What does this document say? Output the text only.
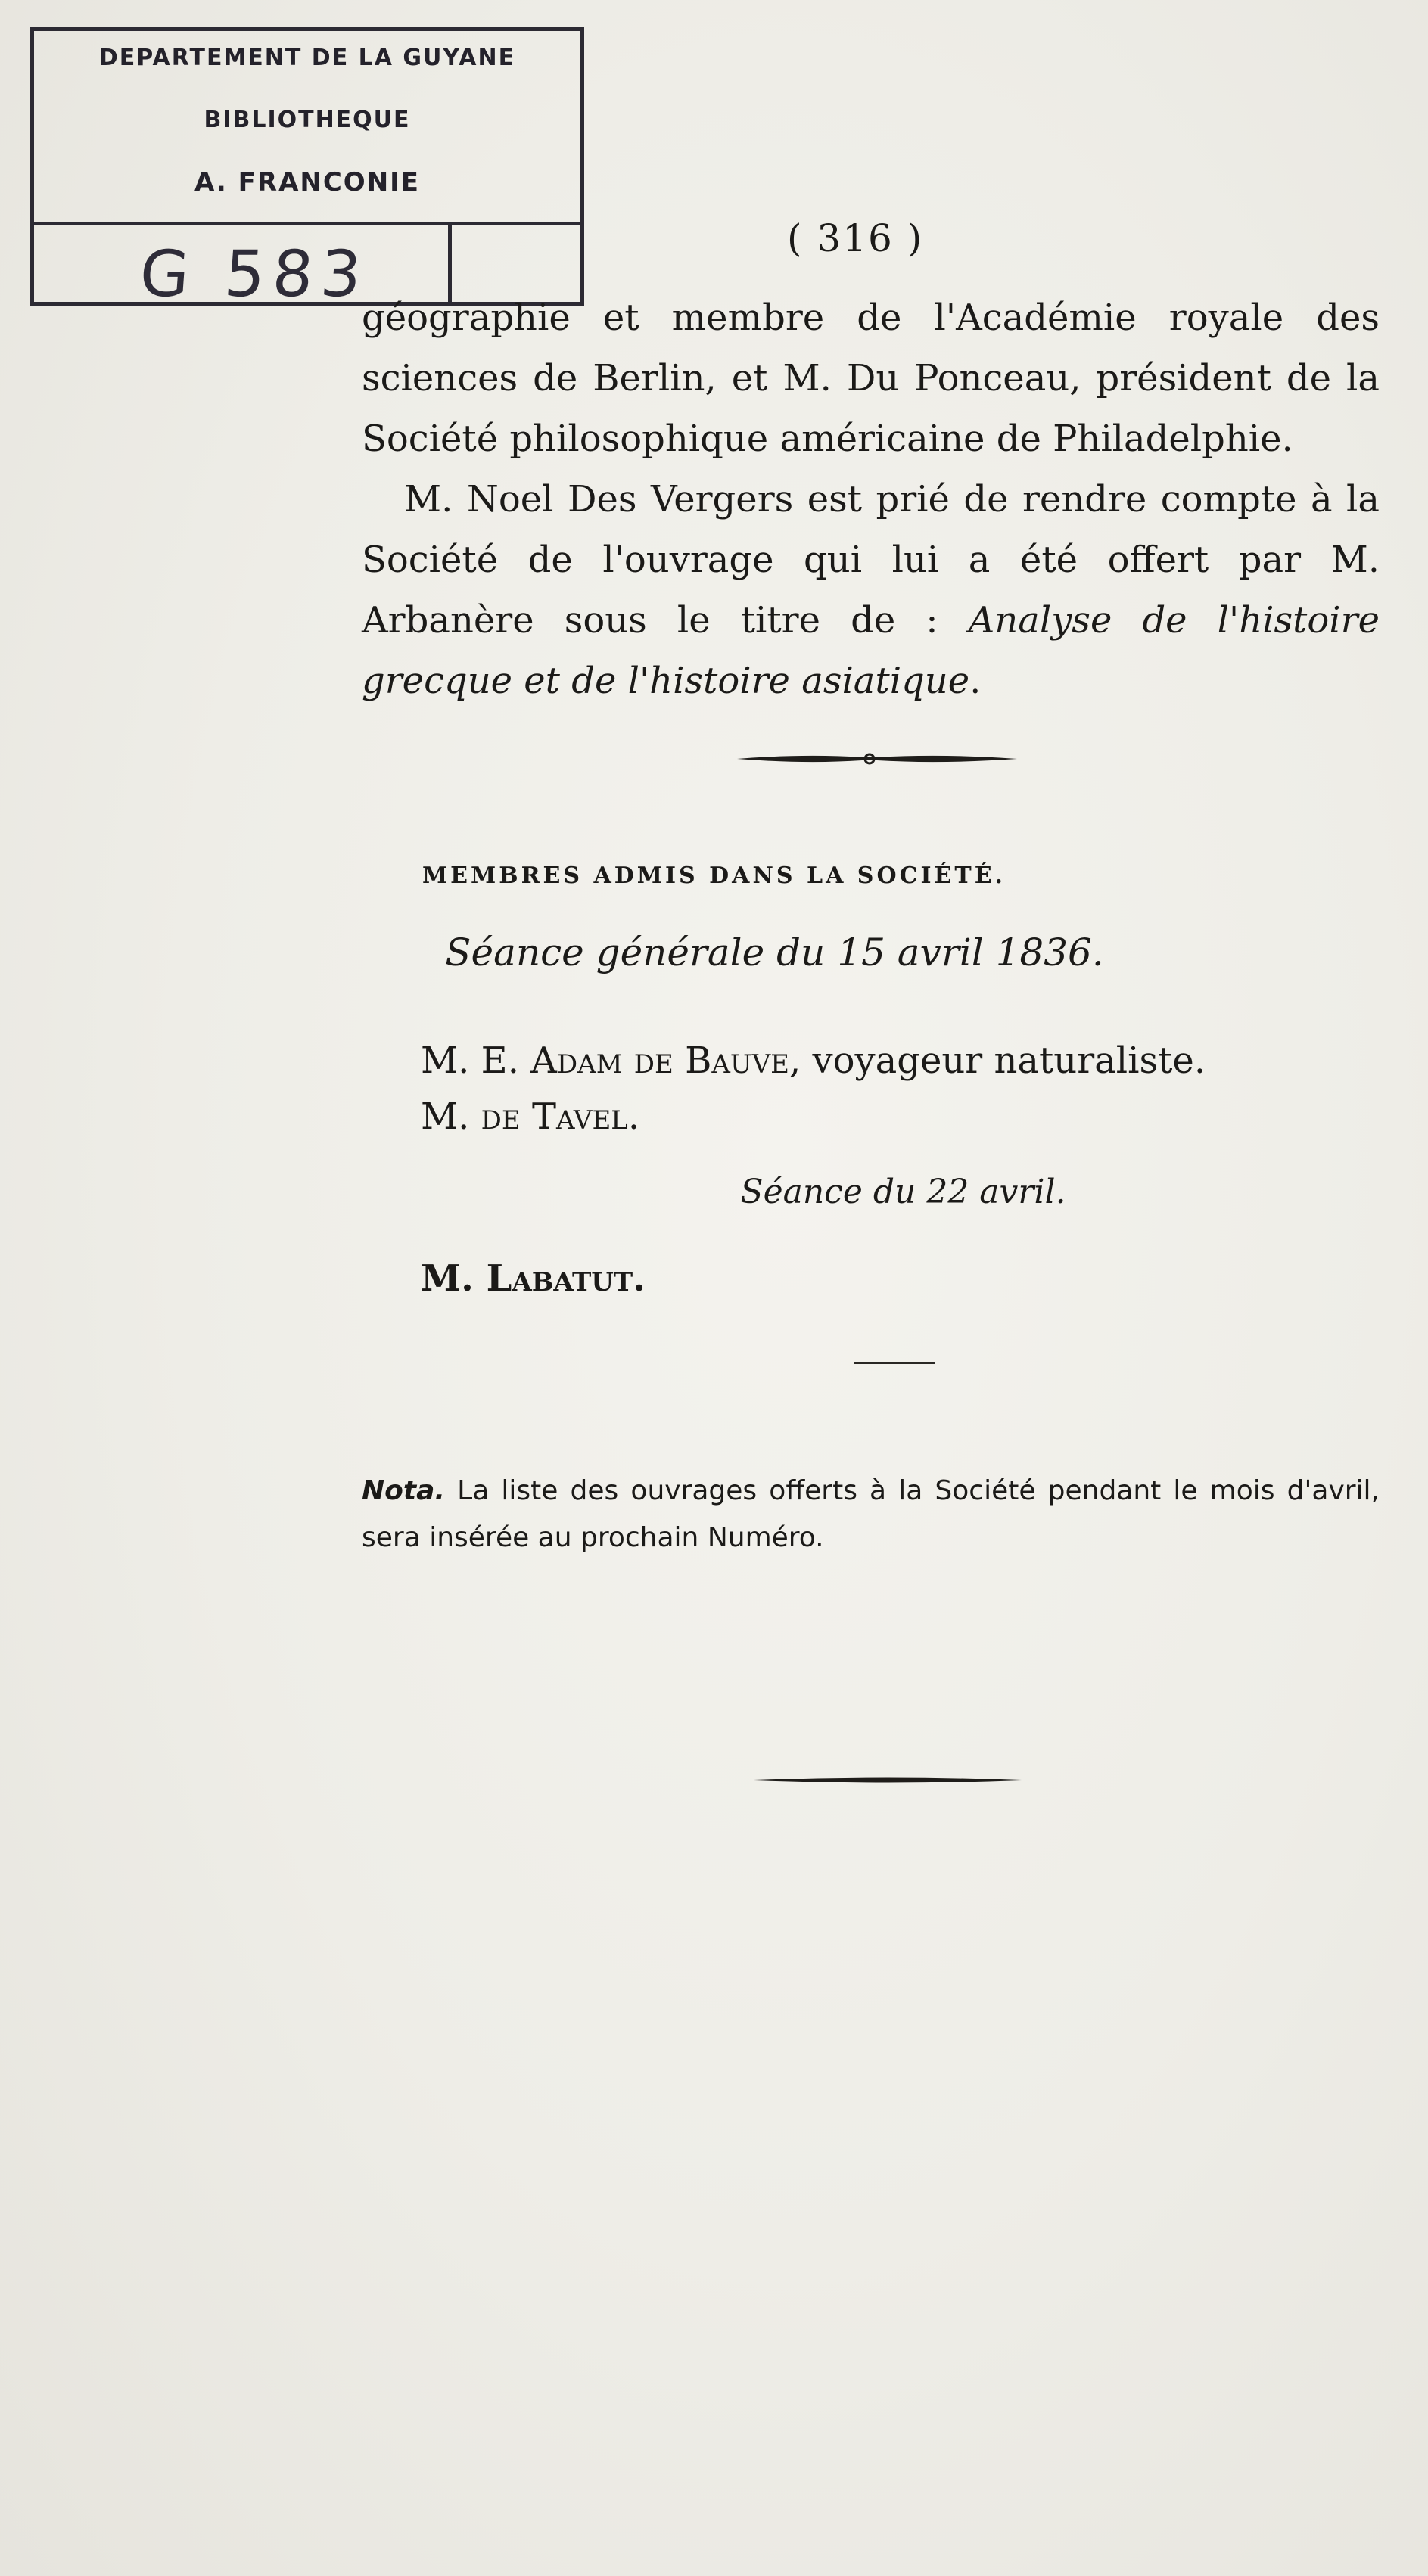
DEPARTEMENT DE LA GUYANE
BIBLIOTHEQUE
A. FRANCONIE
G 583	( 316 )

géographie et membre de l'Académie royale des sciences de Berlin, et M. Du Ponceau, président de la Société philosophique américaine de Philadelphie.

M. Noel Des Vergers est prié de rendre compte à la Société de l'ouvrage qui lui a été offert par M. Arbanère sous le titre de : Analyse de l'histoire grecque et de l'histoire asiatique.

MEMBRES ADMIS DANS LA SOCIÉTÉ.
Séance générale du 15 avril 1836.
M. E. Adam de Bauve, voyageur naturaliste.
M. de Tavel.
Séance du 22 avril.
M. Labatut.

Nota. La liste des ouvrages offerts à la Société pendant le mois d'avril, sera insérée au prochain Numéro.
